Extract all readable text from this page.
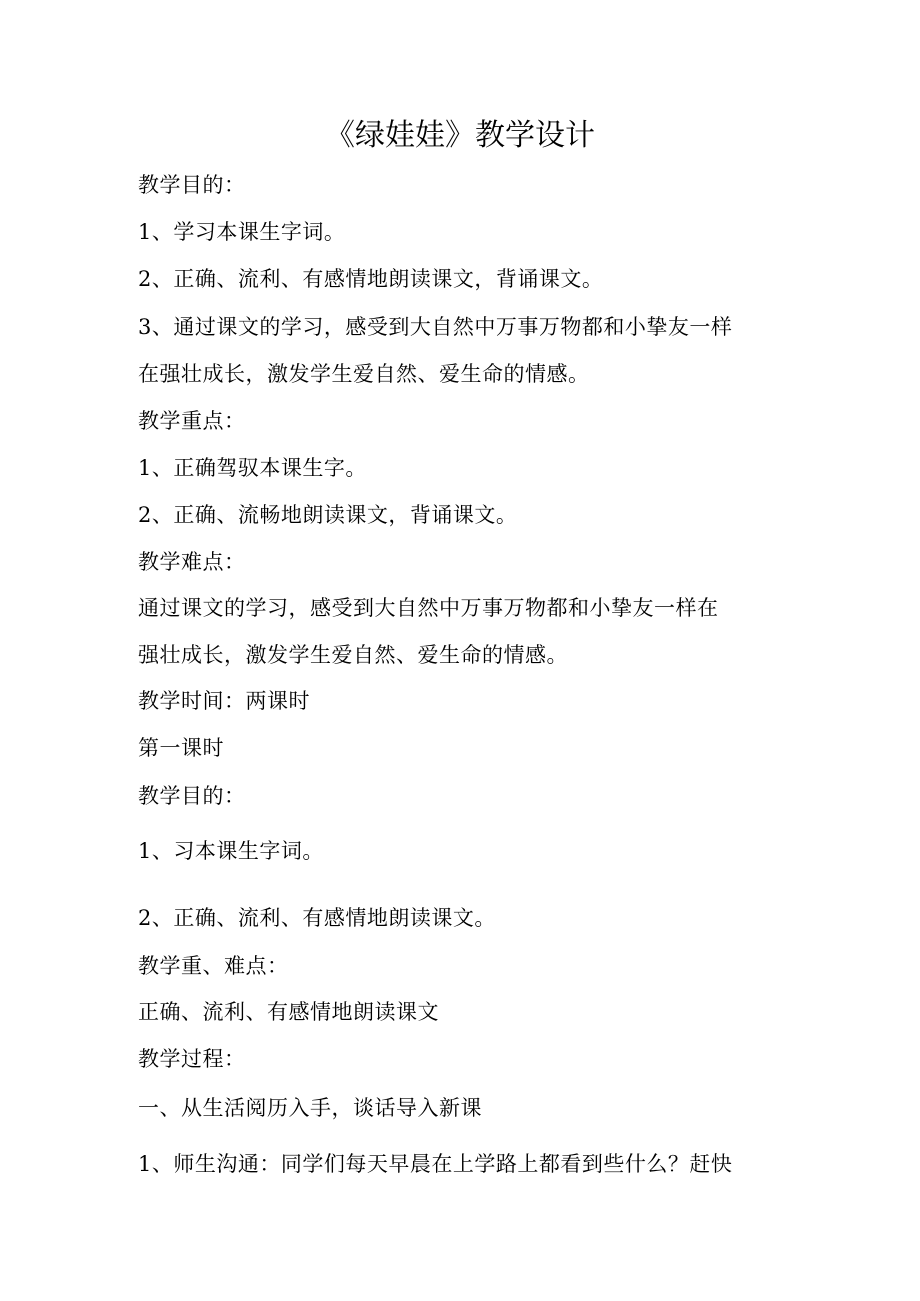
《绿娃娃》教学设计

教学目的：

1、学习本课生字词。

2、正确、流利、有感情地朗读课文，背诵课文。

3、通过课文的学习，感受到大自然中万事万物都和小挚友一样

在强壮成长，激发学生爱自然、爱生命的情感。

教学重点：

1、正确驾驭本课生字。

2、正确、流畅地朗读课文，背诵课文。

教学难点：

通过课文的学习，感受到大自然中万事万物都和小挚友一样在

强壮成长，激发学生爱自然、爱生命的情感。

教学时间：两课时

第一课时

教学目的：

1、习本课生字词。

2、正确、流利、有感情地朗读课文。

教学重、难点：

正确、流利、有感情地朗读课文

教学过程：

一、从生活阅历入手，谈话导入新课

1、师生沟通：同学们每天早晨在上学路上都看到些什么？赶快
